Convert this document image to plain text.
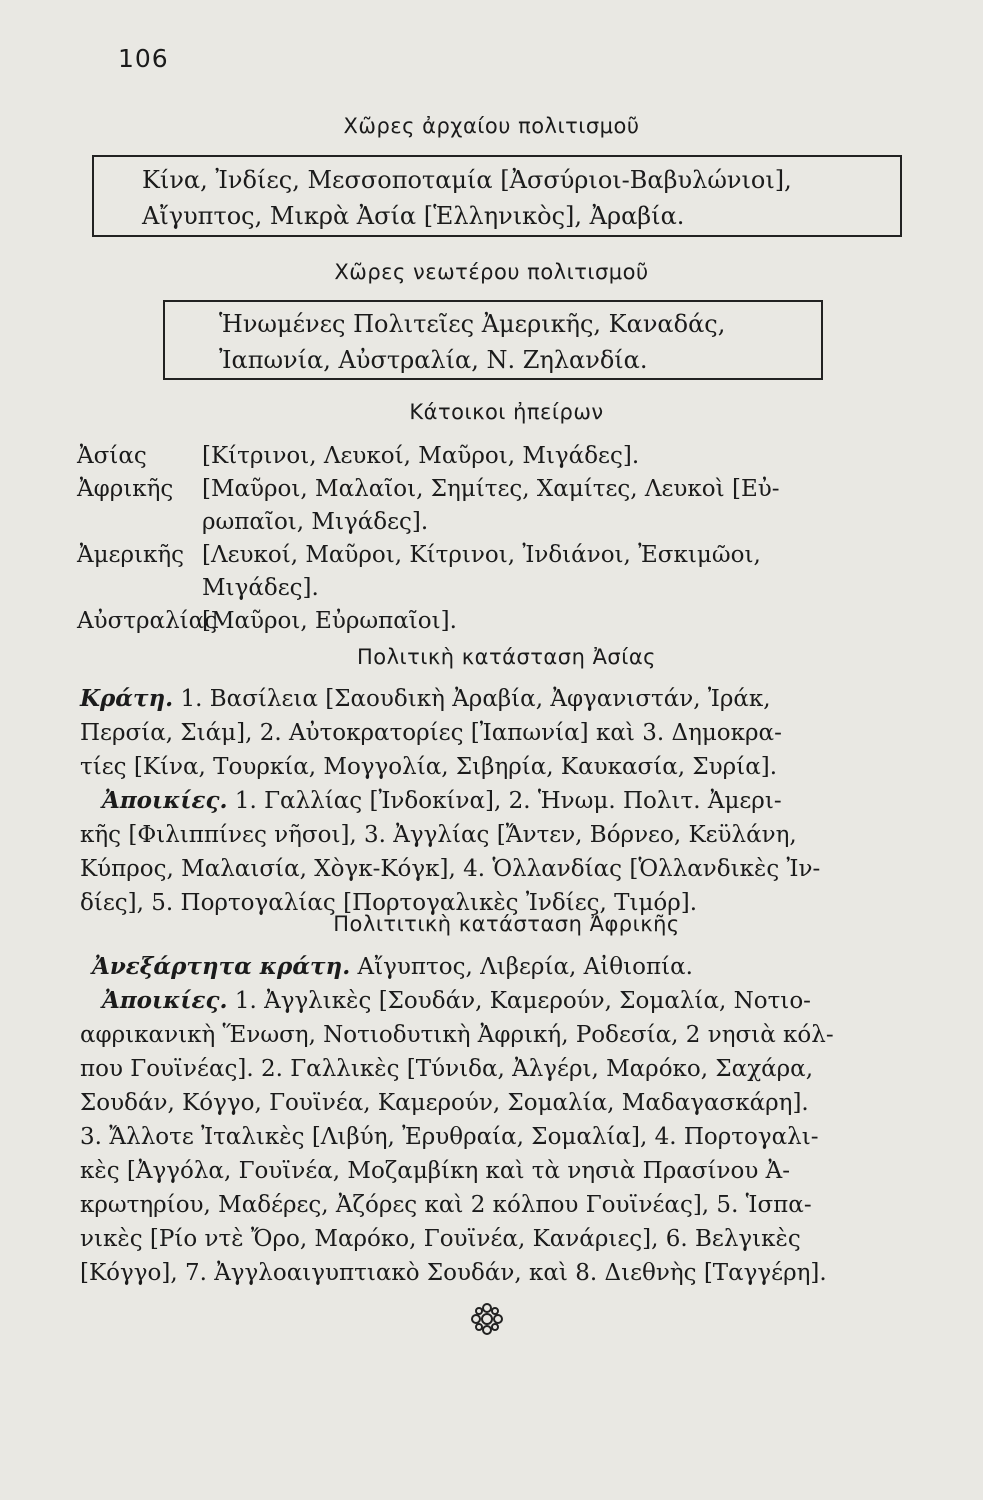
106
Χῶρες ἀρχαίου πολιτισμοῦ

Κίνα, Ἰνδίες, Μεσσοποταμία [Ἀσσύριοι-Βαβυλώνιοι],

Αἴγυπτος, Μικρὰ Ἀσία [Ἑλληνικὸς], Ἀραβία.

Χῶρες νεωτέρου πολιτισμοῦ

Ἡνωμένες Πολιτεῖες Ἀμερικῆς, Καναδάς,

Ἰαπωνία, Αὐστραλία, Ν. Ζηλανδία.

Κάτοικοι ἠπείρων
Ἀσίας	[Κίτρινοι, Λευκοί, Μαῦροι, Μιγάδες].
Ἀφρικῆς	[Μαῦροι, Μαλαῖοι, Σημίτες, Χαμίτες, Λευκοὶ [Εὐ-
ρωπαῖοι, Μιγάδες].
Ἀμερικῆς [Λευκοί, Μαῦροι, Κίτρινοι, Ἰνδιάνοι, Ἐσκιμῶοι,
Μιγάδες].
Αὐστραλίας
[Μαῦροι, Εὐρωπαῖοι].
Πολιτικὴ κατάσταση Ἀσίας
Κράτη. 1. Βασίλεια [Σαουδικὴ Ἀραβία, Ἀφγανιστάν, Ἰράκ,
Περσία, Σιάμ], 2. Αὐτοκρατορίες [Ἰαπωνία] καὶ 3. Δημοκρα-
τίες [Κίνα, Τουρκία, Μογγολία, Σιβηρία, Καυκασία, Συρία].
Ἀποικίες. 1. Γαλλίας [Ἰνδοκίνα], 2. Ἡνωμ. Πολιτ. Ἀμερι-
κῆς [Φιλιππίνες νῆσοι], 3. Ἀγγλίας [Ἄντεν, Βόρνεο, Κεϋλάνη,
Κύπρος, Μαλαισία, Χὸγκ-Κόγκ], 4. Ὁλλανδίας [Ὁλλανδικὲς Ἰν-
δίες], 5. Πορτογαλίας [Πορτογαλικὲς Ἰνδίες, Τιμόρ].
Πολιτιτικὴ κατάσταση Ἀφρικῆς
Ἀνεξάρτητα κράτη. Αἴγυπτος, Λιβερία, Αἰθιοπία.
Ἀποικίες. 1. Ἀγγλικὲς [Σουδάν, Καμερούν, Σομαλία, Νοτιο-
αφρικανικὴ Ἕνωση, Νοτιοδυτικὴ Ἀφρική, Ροδεσία, 2 νησιὰ κόλ-
που Γουϊνέας]. 2. Γαλλικὲς [Τύνιδα, Ἀλγέρι, Μαρόκο, Σαχάρα,
Σουδάν, Κόγγο, Γουϊνέα, Καμερούν, Σομαλία, Μαδαγασκάρη].
3. Ἄλλοτε Ἰταλικὲς [Λιβύη, Ἐρυθραία, Σομαλία], 4. Πορτογαλι-
κὲς [Ἀγγόλα, Γουϊνέα, Μοζαμβίκη καὶ τὰ νησιὰ Πρασίνου Ἀ-
κρωτηρίου, Μαδέρες, Ἀζόρες καὶ 2 κόλπου Γουϊνέας], 5. Ἱσπα-
νικὲς [Ρίο ντὲ Ὄρο, Μαρόκο, Γουϊνέα, Κανάριες], 6. Βελγικὲς
[Κόγγο], 7. Ἀγγλοαιγυπτιακὸ Σουδάν, καὶ 8. Διεθνὴς [Ταγγέρη].
